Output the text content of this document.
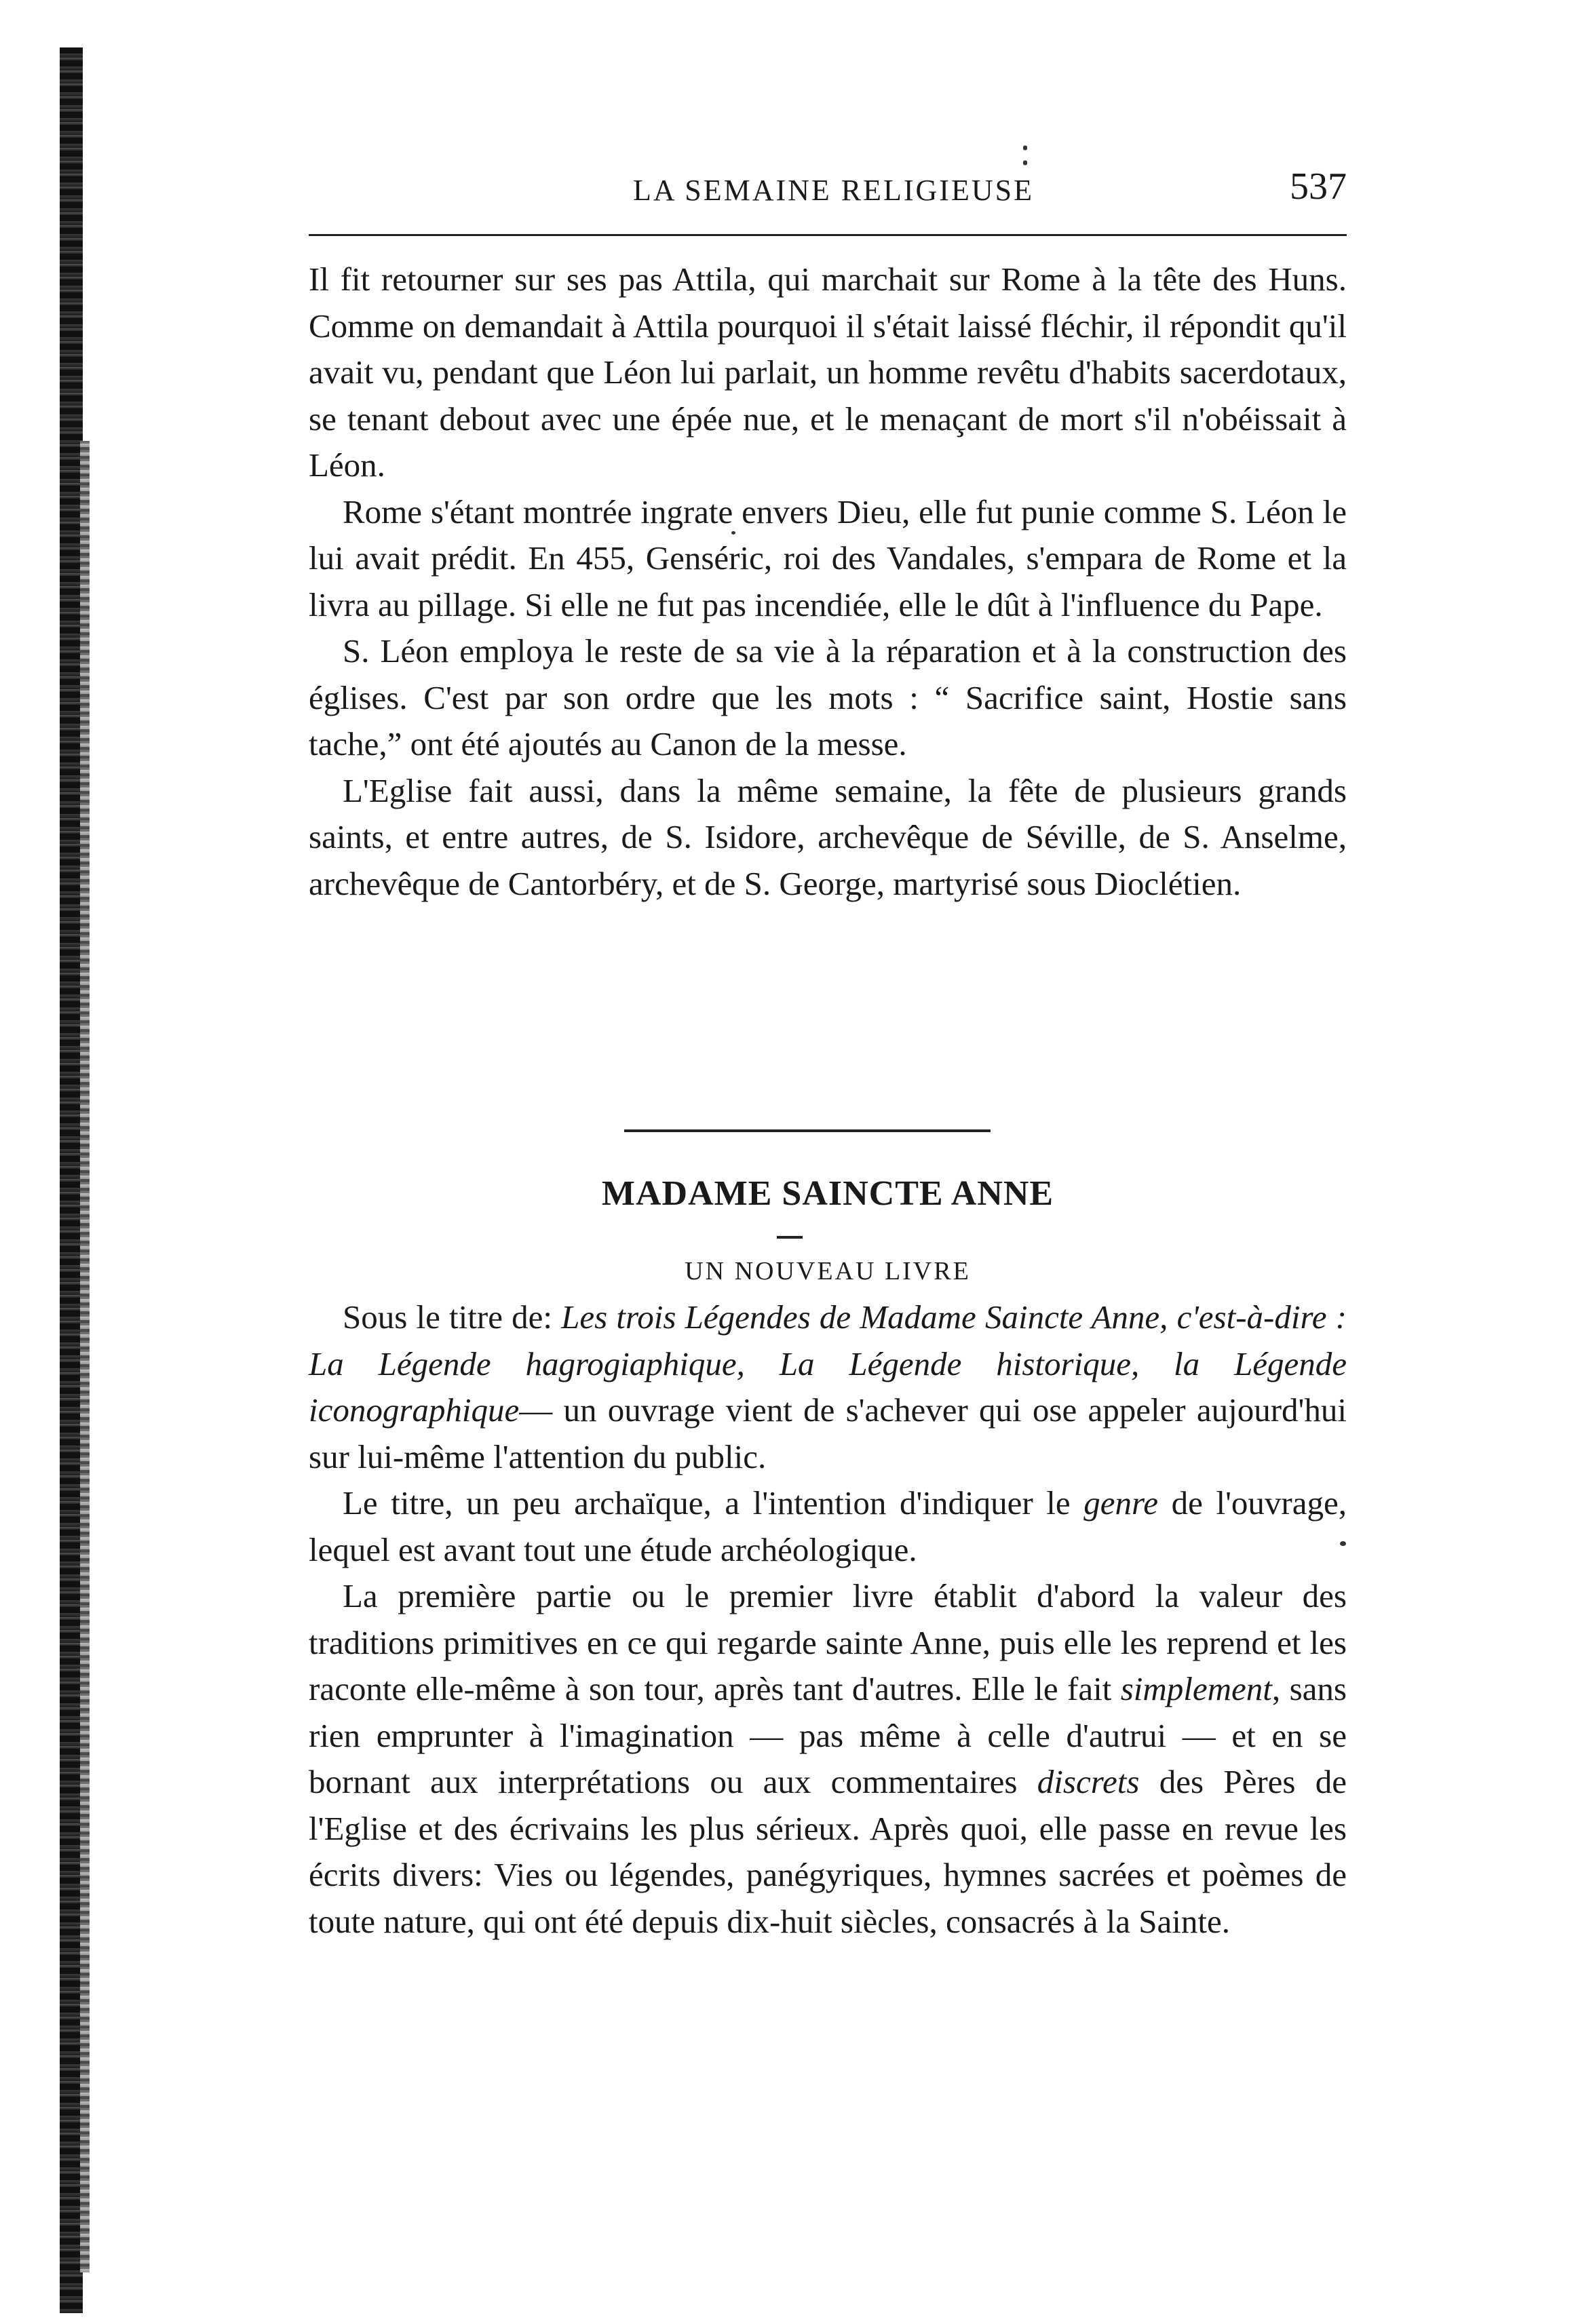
LA SEMAINE RELIGIEUSE	537

Il fit retourner sur ses pas Attila, qui marchait sur Rome à la tête des Huns. Comme on demandait à Attila pourquoi il s'était laissé fléchir, il répondit qu'il avait vu, pendant que Léon lui parlait, un homme revêtu d'habits sacerdotaux, se tenant debout avec une épée nue, et le menaçant de mort s'il n'obéissait à Léon.

Rome s'étant montrée ingrate envers Dieu, elle fut punie comme S. Léon le lui avait prédit. En 455, Genséric, roi des Vandales, s'empara de Rome et la livra au pillage. Si elle ne fut pas incendiée, elle le dût à l'influence du Pape.

S. Léon employa le reste de sa vie à la réparation et à la construction des églises. C'est par son ordre que les mots : “ Sacrifice saint, Hostie sans tache,” ont été ajoutés au Canon de la messe.

L'Eglise fait aussi, dans la même semaine, la fête de plusieurs grands saints, et entre autres, de S. Isidore, archevêque de Séville, de S. Anselme, archevêque de Cantorbéry, et de S. George, martyrisé sous Dioclétien.

MADAME SAINCTE ANNE
UN NOUVEAU LIVRE

Sous le titre de: Les trois Légendes de Madame Saincte Anne, c'est-à-dire : La Légende hagrogiaphique, La Légende historique, la Légende iconographique— un ouvrage vient de s'achever qui ose appeler aujourd'hui sur lui-même l'attention du public.

Le titre, un peu archaïque, a l'intention d'indiquer le genre de l'ouvrage, lequel est avant tout une étude archéologique.

La première partie ou le premier livre établit d'abord la valeur des traditions primitives en ce qui regarde sainte Anne, puis elle les reprend et les raconte elle-même à son tour, après tant d'autres. Elle le fait simplement, sans rien emprunter à l'imagination — pas même à celle d'autrui — et en se bornant aux interprétations ou aux commentaires discrets des Pères de l'Eglise et des écrivains les plus sérieux. Après quoi, elle passe en revue les écrits divers: Vies ou légendes, panégyriques, hymnes sacrées et poèmes de toute nature, qui ont été depuis dix-huit siècles, consacrés à la Sainte.
